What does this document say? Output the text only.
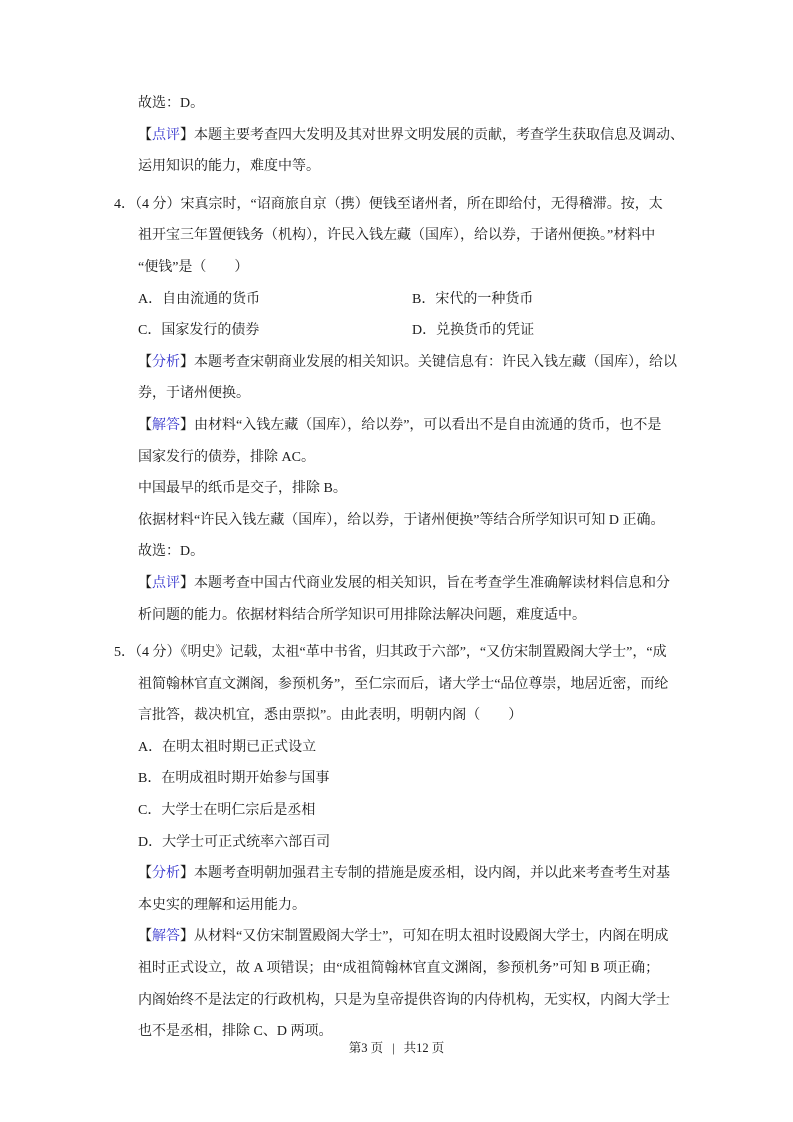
故选：D。
【点评】本题主要考查四大发明及其对世界文明发展的贡献，考查学生获取信息及调动、
运用知识的能力，难度中等。
4．（4 分）宋真宗时，“诏商旅自京（携）便钱至诸州者，所在即给付，无得稽滞。按，太
祖开宝三年置便钱务（机构），许民入钱左藏（国库），给以券，于诸州便换。”材料中
“便钱”是（　　）
A．自由流通的货币	B．宋代的一种货币
C．国家发行的债券	D．兑换货币的凭证
【分析】本题考查宋朝商业发展的相关知识。关键信息有：许民入钱左藏（国库），给以
券，于诸州便换。
【解答】由材料“入钱左藏（国库），给以券”，可以看出不是自由流通的货币，也不是
国家发行的债券，排除 AC。
中国最早的纸币是交子，排除 B。
依据材料“许民入钱左藏（国库），给以券，于诸州便换”等结合所学知识可知 D 正确。
故选：D。
【点评】本题考查中国古代商业发展的相关知识，旨在考查学生准确解读材料信息和分
析问题的能力。依据材料结合所学知识可用排除法解决问题，难度适中。
5．（4 分）《明史》记载，太祖“革中书省，归其政于六部”，“又仿宋制置殿阁大学士”，“成
祖简翰林官直文渊阁，参预机务”，至仁宗而后，诸大学士“品位尊崇，地居近密，而纶
言批答，裁决机宜，悉由票拟”。由此表明，明朝内阁（　　）
A．在明太祖时期已正式设立
B．在明成祖时期开始参与国事
C．大学士在明仁宗后是丞相
D．大学士可正式统率六部百司
【分析】本题考查明朝加强君主专制的措施是废丞相，设内阁，并以此来考查考生对基
本史实的理解和运用能力。
【解答】从材料“又仿宋制置殿阁大学士”，可知在明太祖时设殿阁大学士，内阁在明成
祖时正式设立，故 A 项错误；由“成祖简翰林官直文渊阁，参预机务”可知 B 项正确；
内阁始终不是法定的行政机构，只是为皇帝提供咨询的内侍机构，无实权，内阁大学士
也不是丞相，排除 C、D 两项。
第3 页 | 共12 页
